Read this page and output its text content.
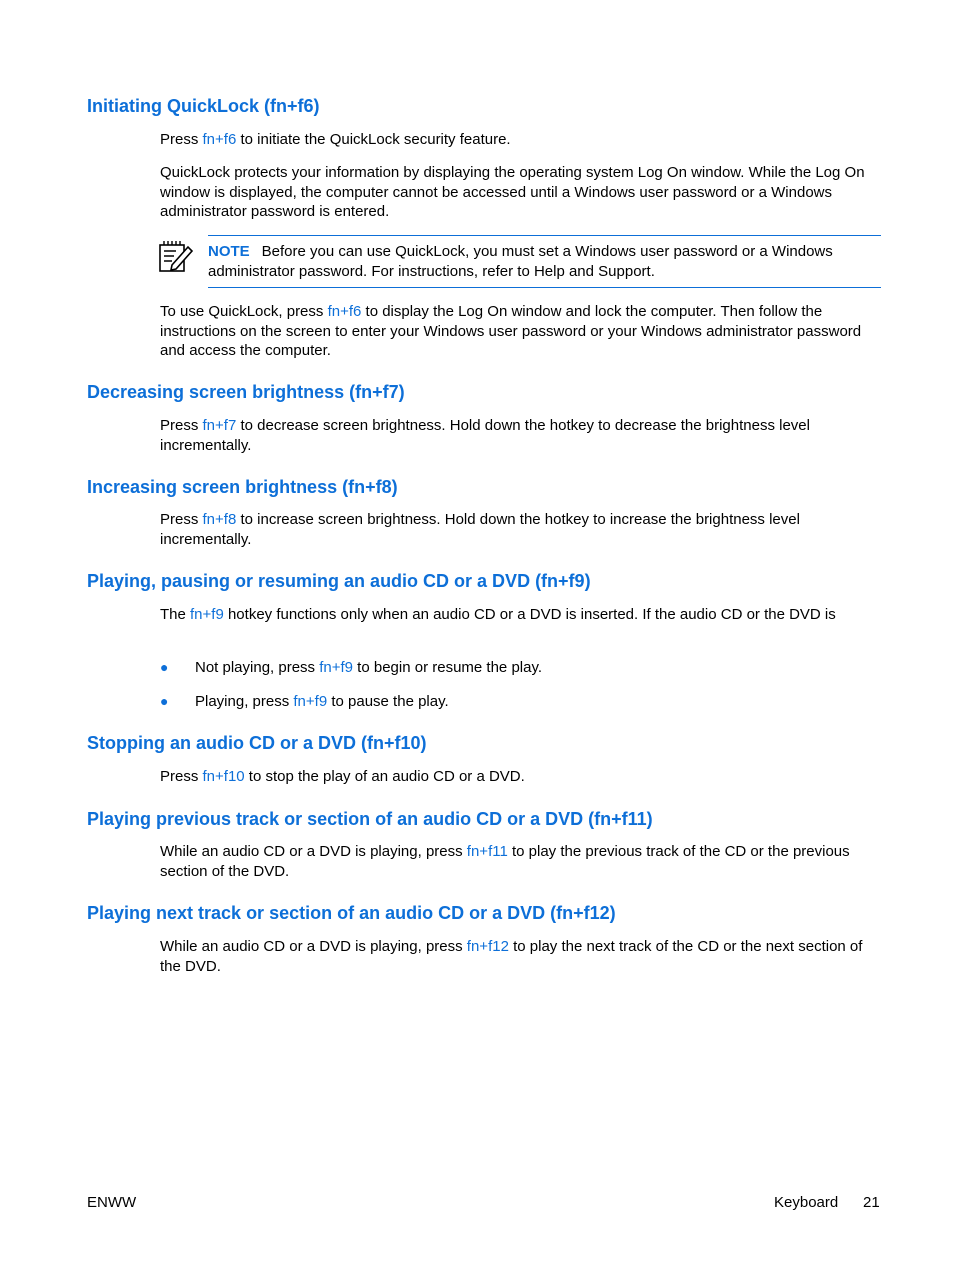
Initiating QuickLock (fn+f6)

Press fn+f6 to initiate the QuickLock security feature.

QuickLock protects your information by displaying the operating system Log On window. While the Log On window is displayed, the computer cannot be accessed until a Windows user password or a Windows administrator password is entered.

NOTE Before you can use QuickLock, you must set a Windows user password or a Windows administrator password. For instructions, refer to Help and Support.

To use QuickLock, press fn+f6 to display the Log On window and lock the computer. Then follow the instructions on the screen to enter your Windows user password or your Windows administrator password and access the computer.

Decreasing screen brightness (fn+f7)

Press fn+f7 to decrease screen brightness. Hold down the hotkey to decrease the brightness level incrementally.

Increasing screen brightness (fn+f8)

Press fn+f8 to increase screen brightness. Hold down the hotkey to increase the brightness level incrementally.

Playing, pausing or resuming an audio CD or a DVD (fn+f9)

The fn+f9 hotkey functions only when an audio CD or a DVD is inserted. If the audio CD or the DVD is

● Not playing, press fn+f9 to begin or resume the play.
● Playing, press fn+f9 to pause the play.
Stopping an audio CD or a DVD (fn+f10)

Press fn+f10 to stop the play of an audio CD or a DVD.

Playing previous track or section of an audio CD or a DVD (fn+f11)

While an audio CD or a DVD is playing, press fn+f11 to play the previous track of the CD or the previous section of the DVD.

Playing next track or section of an audio CD or a DVD (fn+f12)

While an audio CD or a DVD is playing, press fn+f12 to play the next track of the CD or the next section of the DVD.

ENWW	Keyboard 21
